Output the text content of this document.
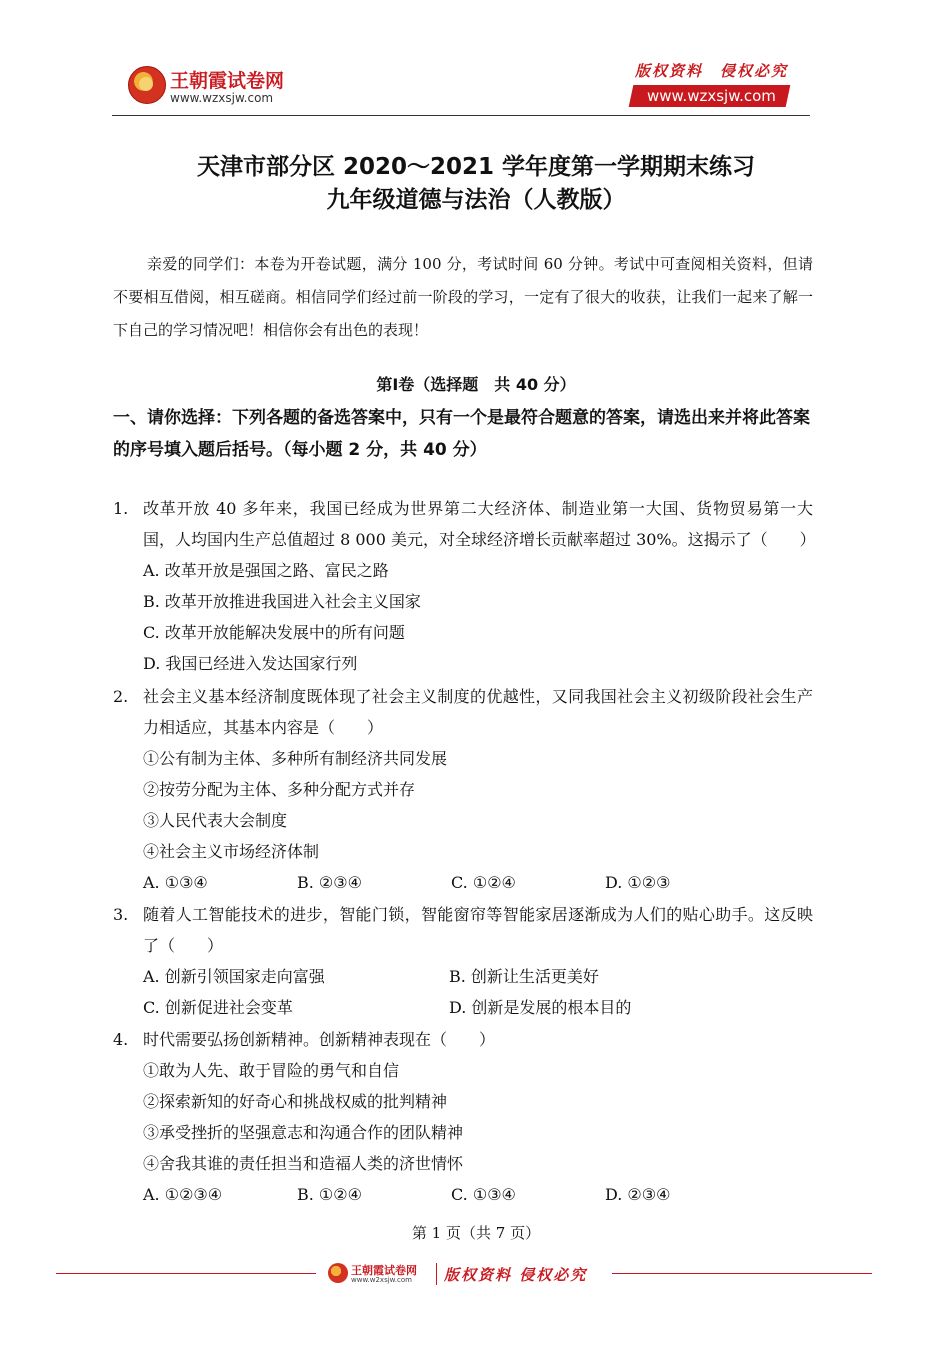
王朝霞试卷网
www.wzxsjw.com
版权资料　侵权必究
www.wzxsjw.com
天津市部分区 2020～2021 学年度第一学期期末练习
九年级道德与法治（人教版）
亲爱的同学们：本卷为开卷试题，满分 100 分，考试时间 60 分钟。考试中可查阅相关资料，但请不要相互借阅，相互磋商。相信同学们经过前一阶段的学习，一定有了很大的收获，让我们一起来了解一下自己的学习情况吧！相信你会有出色的表现！
第Ⅰ卷（选择题　共 40 分）
一、请你选择：下列各题的备选答案中，只有一个是最符合题意的答案，请选出来并将此答案的序号填入题后括号。（每小题 2 分，共 40 分）
1. 改革开放 40 多年来，我国已经成为世界第二大经济体、制造业第一大国、货物贸易第一大国，人均国内生产总值超过 8 000 美元，对全球经济增长贡献率超过 30%。这揭示了（　　）
A. 改革开放是强国之路、富民之路
B. 改革开放推进我国进入社会主义国家
C. 改革开放能解决发展中的所有问题
D. 我国已经进入发达国家行列
2. 社会主义基本经济制度既体现了社会主义制度的优越性，又同我国社会主义初级阶段社会生产力相适应，其基本内容是（　　）
①公有制为主体、多种所有制经济共同发展
②按劳分配为主体、多种分配方式并存
③人民代表大会制度
④社会主义市场经济体制
A. ①③④	B. ②③④	C. ①②④	D. ①②③
3. 随着人工智能技术的进步，智能门锁，智能窗帘等智能家居逐渐成为人们的贴心助手。这反映了（　　）
A. 创新引领国家走向富强	B. 创新让生活更美好
C. 创新促进社会变革	D. 创新是发展的根本目的
4. 时代需要弘扬创新精神。创新精神表现在（　　）
①敢为人先、敢于冒险的勇气和自信
②探索新知的好奇心和挑战权威的批判精神
③承受挫折的坚强意志和沟通合作的团队精神
④舍我其谁的责任担当和造福人类的济世情怀
A. ①②③④	B. ①②④	C. ①③④	D. ②③④
第 1 页（共 7 页）
王朝霞试卷网
www.w2xsjw.com 版权资料 侵权必究
